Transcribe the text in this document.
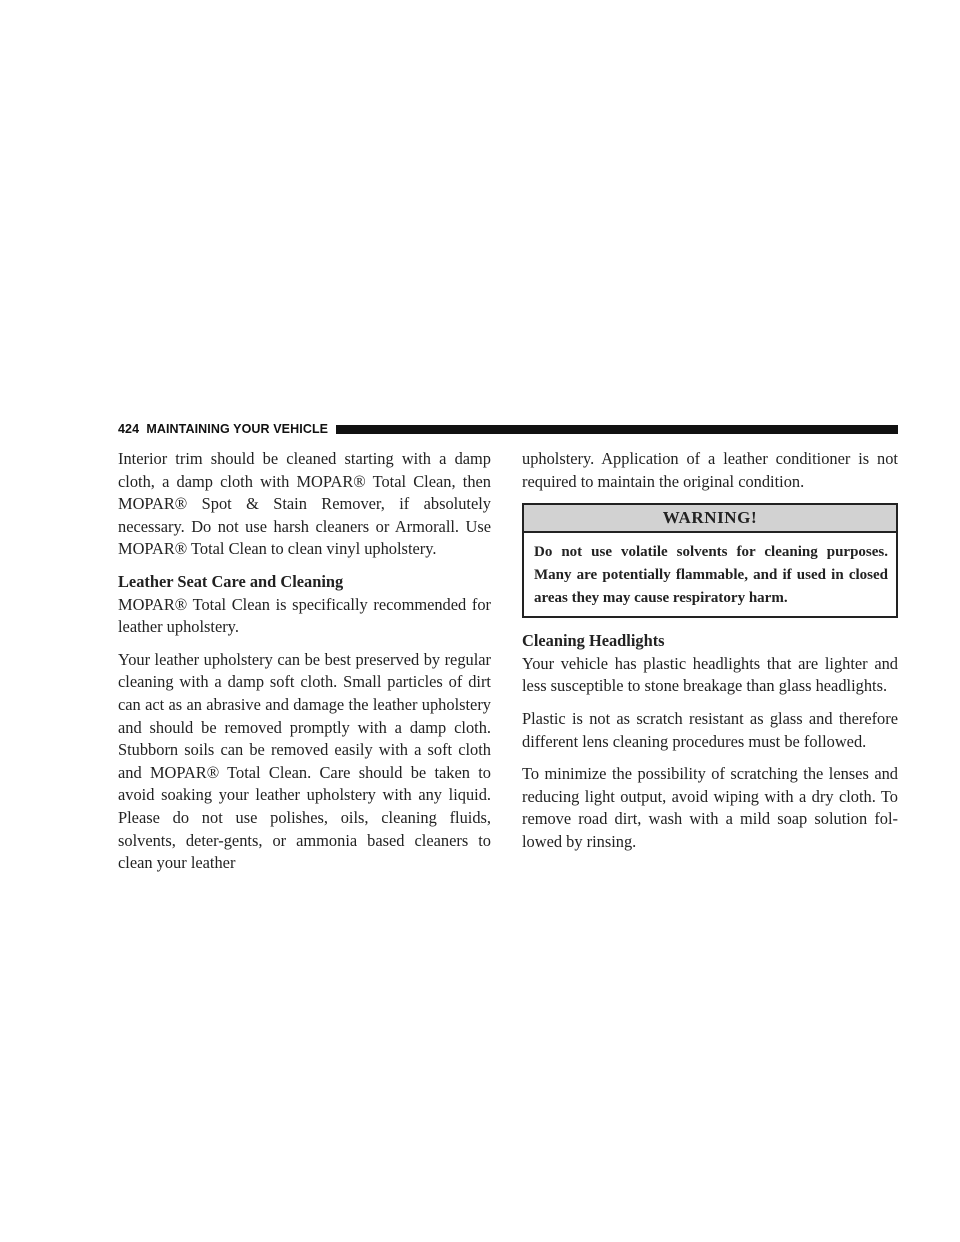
424 MAINTAINING YOUR VEHICLE

Interior trim should be cleaned starting with a damp cloth, a damp cloth with MOPAR® Total Clean, then MOPAR® Spot & Stain Remover, if absolutely necessary. Do not use harsh cleaners or Armorall. Use MOPAR® Total Clean to clean vinyl upholstery.

Leather Seat Care and Cleaning

MOPAR® Total Clean is specifically recommended for leather upholstery.

Your leather upholstery can be best preserved by regular cleaning with a damp soft cloth. Small particles of dirt can act as an abrasive and damage the leather upholstery and should be removed promptly with a damp cloth. Stubborn soils can be removed easily with a soft cloth and MOPAR® Total Clean. Care should be taken to avoid soaking your leather upholstery with any liquid. Please do not use polishes, oils, cleaning fluids, solvents, deter-gents, or ammonia based cleaners to clean your leather

upholstery. Application of a leather conditioner is not required to maintain the original condition.

WARNING!
Do not use volatile solvents for cleaning purposes. Many are potentially flammable, and if used in closed areas they may cause respiratory harm.
Cleaning Headlights

Your vehicle has plastic headlights that are lighter and less susceptible to stone breakage than glass headlights.

Plastic is not as scratch resistant as glass and therefore different lens cleaning procedures must be followed.

To minimize the possibility of scratching the lenses and reducing light output, avoid wiping with a dry cloth. To remove road dirt, wash with a mild soap solution fol-lowed by rinsing.
